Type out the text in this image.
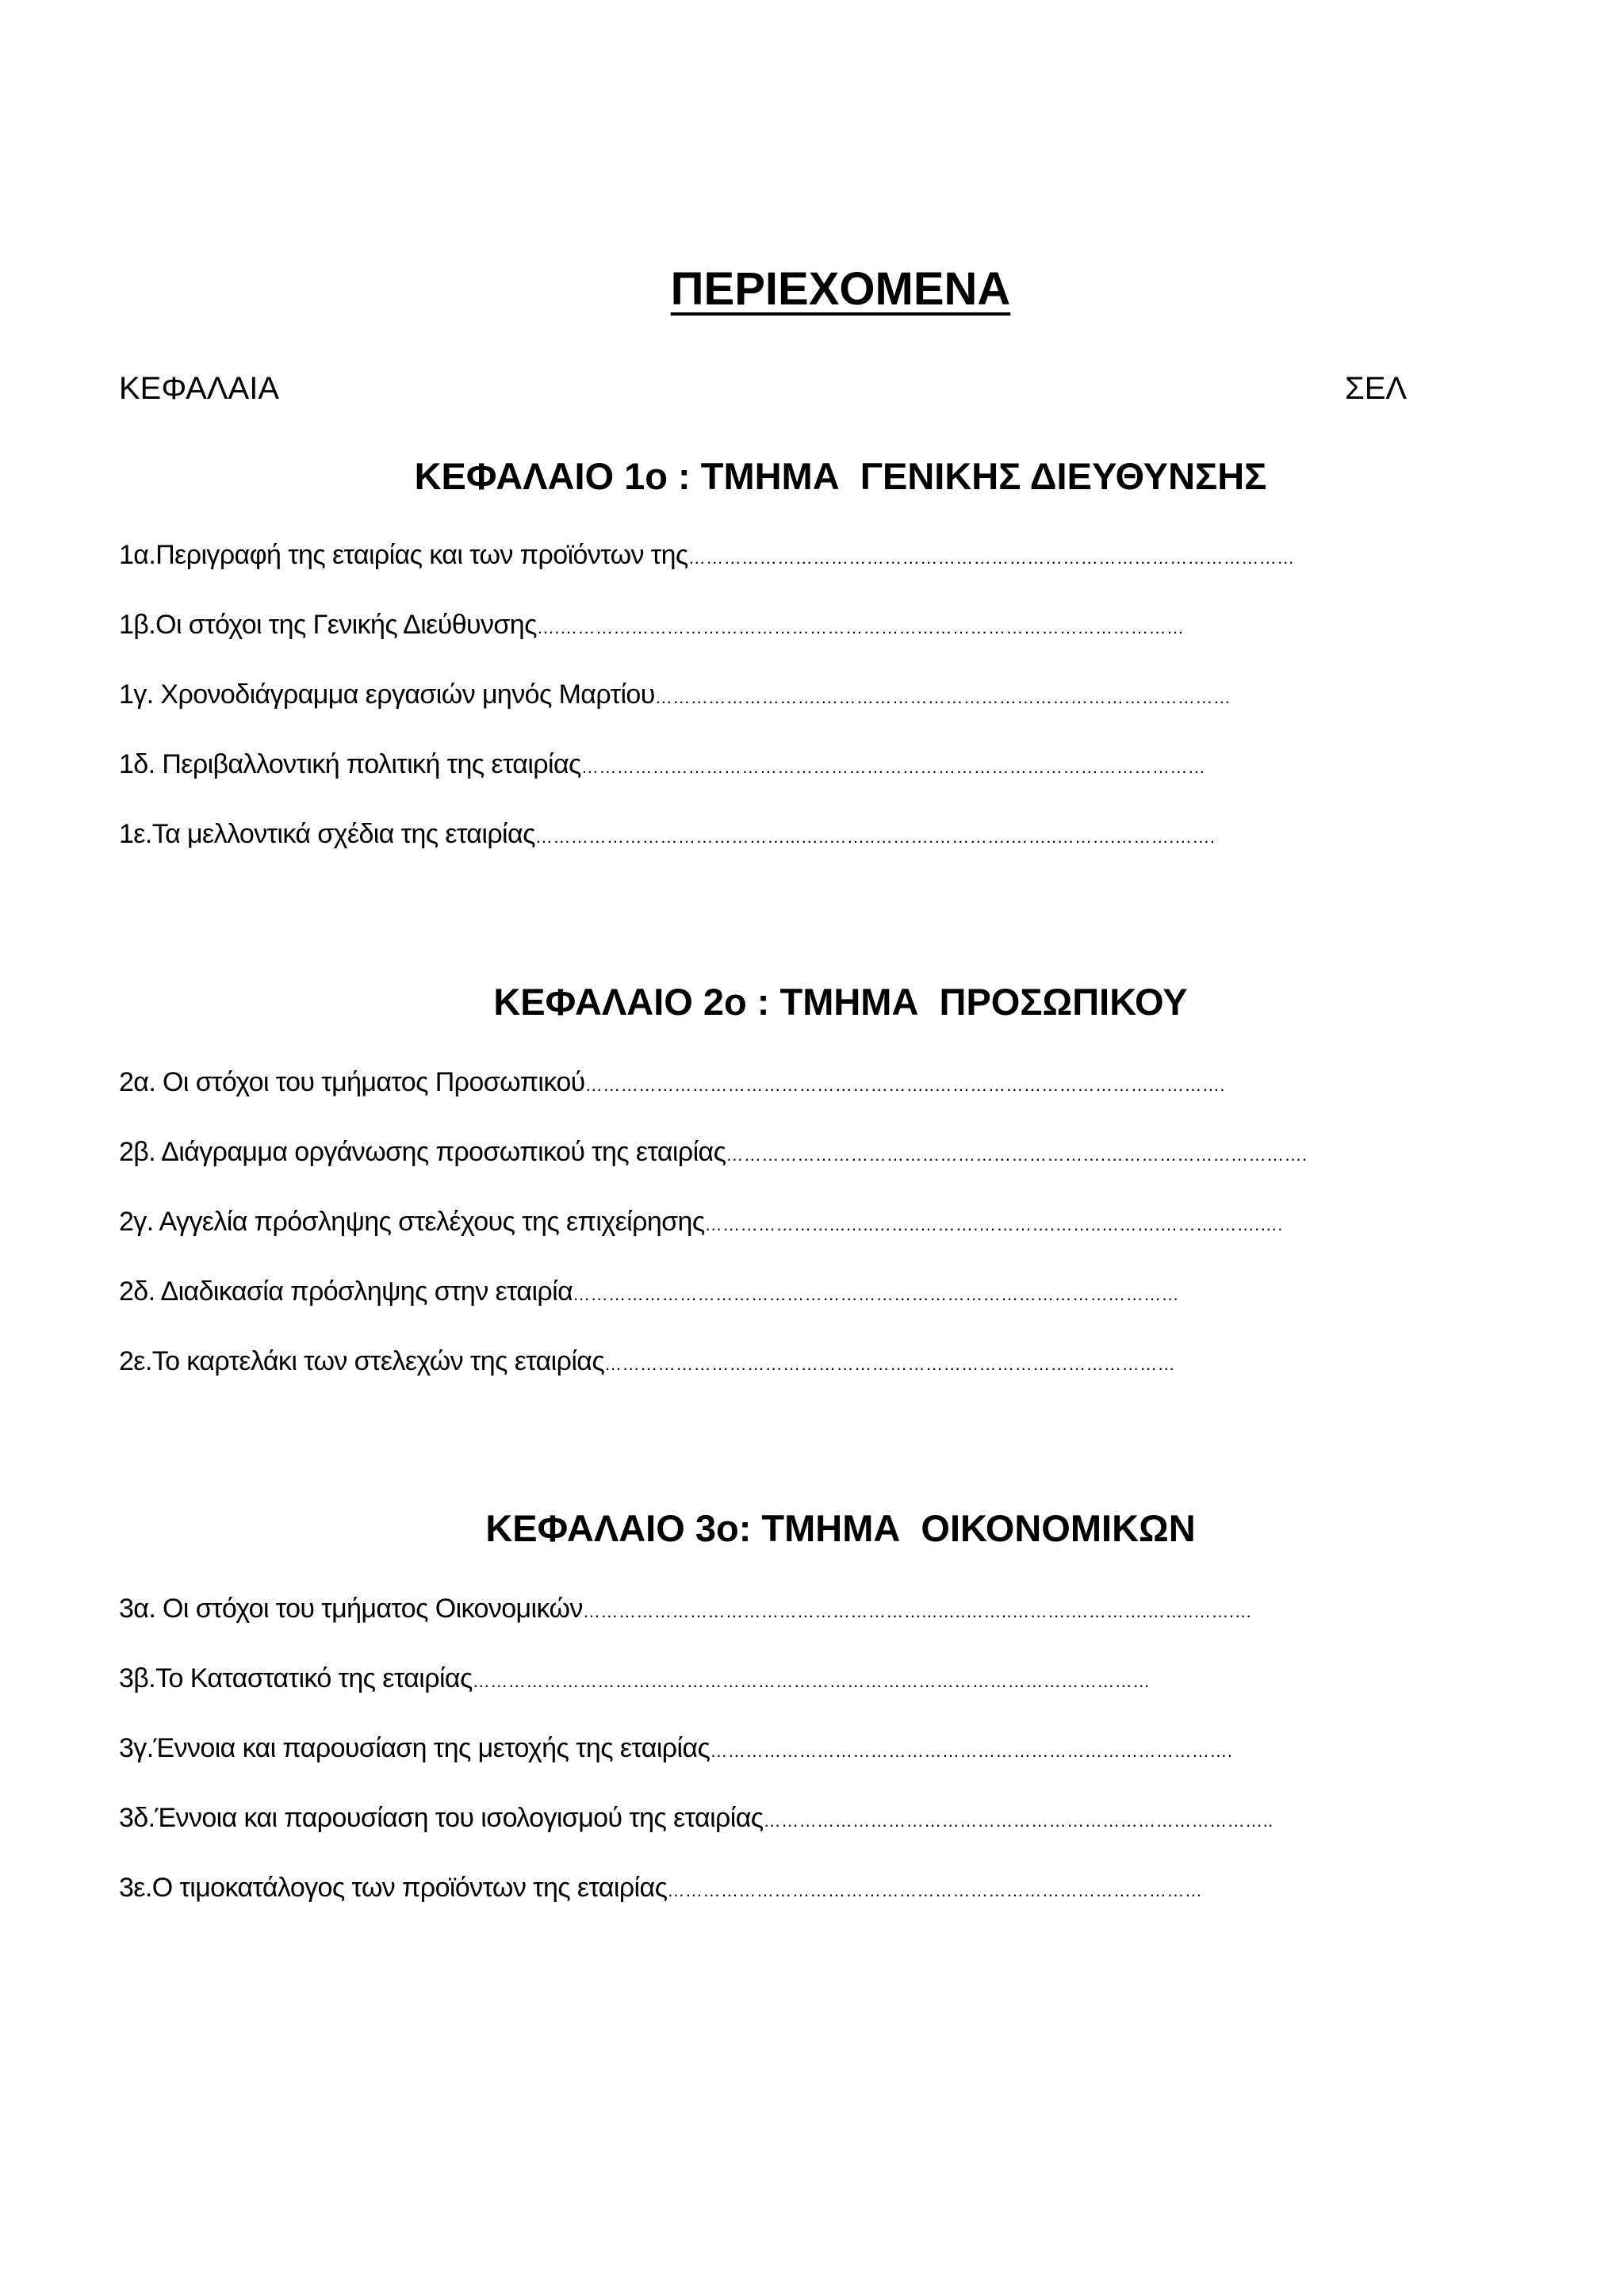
ΠΕΡΙΕΧΟΜΕΝΑ
ΚΕΦΑΛΑΙΑ	ΣΕΛ
ΚΕΦΑΛΑΙΟ 1ο : ΤΜΗΜΑ  ΓΕΝΙΚΗΣ ΔΙΕΥΘΥΝΣΗΣ
1α.Περιγραφή της εταιρίας και των προϊόντων της …………………………………………………………………………………………
1β.Οι στόχοι της Γενικής Διεύθυνσης ….……………………………………………………………………………………………
1γ. Χρονοδιάγραμμα εργασιών μηνός Μαρτίου ……………………….……………………………………………………………
1δ. Περιβαλλοντική πολιτική της εταιρίας ……………………………………………………………………………………………
1ε.Τα μελλοντικά σχέδια της εταιρίας ……………………………………...…..……..……….………….……..……….……….…….
ΚΕΦΑΛΑΙΟ 2ο : ΤΜΗΜΑ  ΠΡΟΣΩΠΙΚΟΥ
2α. Οι στόχοι του τμήματος Προσωπικού …………………………………………………..………………………………………….
2β. Διάγραμμα οργάνωσης προσωπικού της εταιρίας ……………………………………………………….…………………………….
2γ. Αγγελία πρόσληψης στελέχους της επιχείρησης …………………...…..……..……….………….……..……….……….…….….
2δ. Διαδικασία πρόσληψης στην εταιρία …………………………………………………………………………………………
2ε.Το καρτελάκι των στελεχών της εταιρίας ……………………………………………………………………………………
ΚΕΦΑΛΑΙΟ 3ο: ΤΜΗΜΑ  ΟΙΚΟΝΟΜΙΚΩΝ
3α. Οι στόχοι του τμήματος Οικονομικών …………………………………………………...…..……..……….………….……..…….…
3β.Το Καταστατικό της εταιρίας ……………………………………………………………………………………………………
3γ.Έννοια και παρουσίαση της μετοχής της εταιρίας …………………………………………………………………………….
3δ.Έννοια και παρουσίαση του ισολογισμού της εταιρίας …………………………………………………………………………..
3ε.Ο τιμοκατάλογος των προϊόντων της εταιρίας ………………………………………………………………………………
